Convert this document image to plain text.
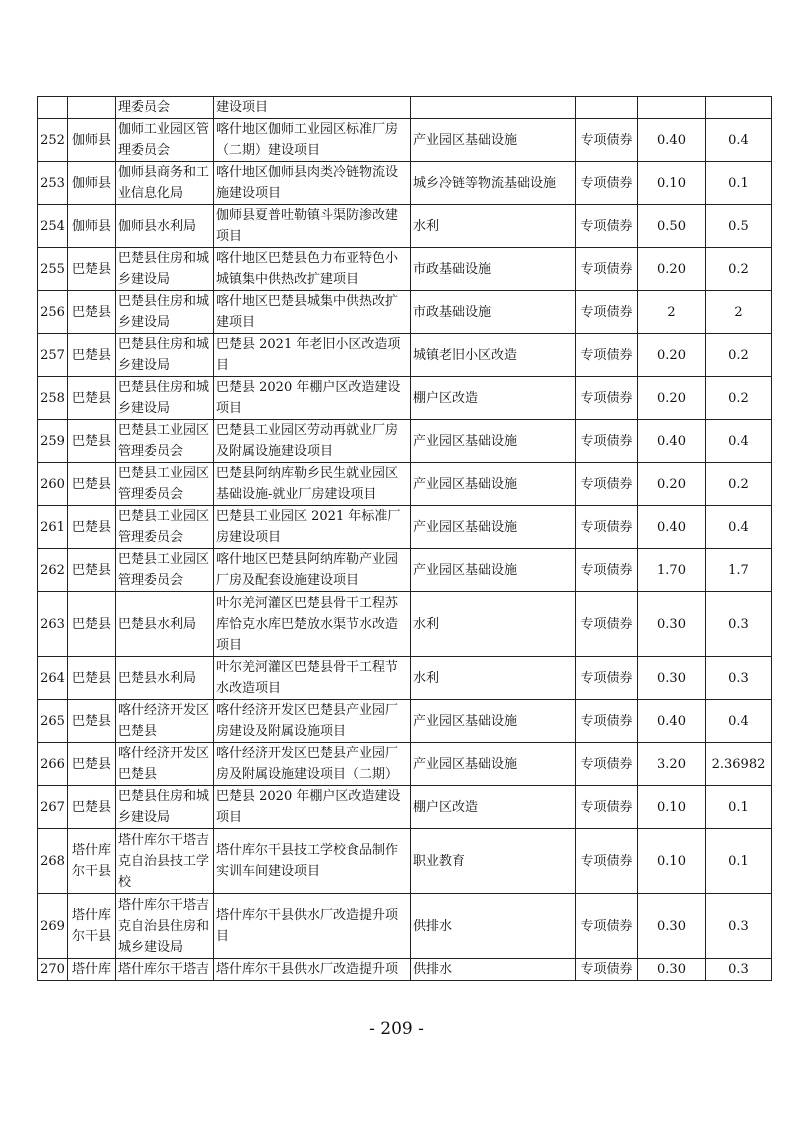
		理委员会	建设项目				
252	伽师县	伽师工业园区管理委员会	喀什地区伽师工业园区标准厂房（二期）建设项目	产业园区基础设施	专项债券	0.40	0.4
253	伽师县	伽师县商务和工业信息化局	喀什地区伽师县肉类冷链物流设施建设项目	城乡冷链等物流基础设施	专项债券	0.10	0.1
254	伽师县	伽师县水利局	伽师县夏普吐勒镇斗渠防渗改建项目	水利	专项债券	0.50	0.5
255	巴楚县	巴楚县住房和城乡建设局	喀什地区巴楚县色力布亚特色小城镇集中供热改扩建项目	市政基础设施	专项债券	0.20	0.2
256	巴楚县	巴楚县住房和城乡建设局	喀什地区巴楚县城集中供热改扩建项目	市政基础设施	专项债券	2	2
257	巴楚县	巴楚县住房和城乡建设局	巴楚县 2021 年老旧小区改造项目	城镇老旧小区改造	专项债券	0.20	0.2
258	巴楚县	巴楚县住房和城乡建设局	巴楚县 2020 年棚户区改造建设项目	棚户区改造	专项债券	0.20	0.2
259	巴楚县	巴楚县工业园区管理委员会	巴楚县工业园区劳动再就业厂房及附属设施建设项目	产业园区基础设施	专项债券	0.40	0.4
260	巴楚县	巴楚县工业园区管理委员会	巴楚县阿纳库勒乡民生就业园区基础设施-就业厂房建设项目	产业园区基础设施	专项债券	0.20	0.2
261	巴楚县	巴楚县工业园区管理委员会	巴楚县工业园区 2021 年标准厂房建设项目	产业园区基础设施	专项债券	0.40	0.4
262	巴楚县	巴楚县工业园区管理委员会	喀什地区巴楚县阿纳库勒产业园厂房及配套设施建设项目	产业园区基础设施	专项债券	1.70	1.7
263	巴楚县	巴楚县水利局	叶尔羌河灌区巴楚县骨干工程苏库恰克水库巴楚放水渠节水改造项目	水利	专项债券	0.30	0.3
264	巴楚县	巴楚县水利局	叶尔羌河灌区巴楚县骨干工程节水改造项目	水利	专项债券	0.30	0.3
265	巴楚县	喀什经济开发区巴楚县	喀什经济开发区巴楚县产业园厂房建设及附属设施项目	产业园区基础设施	专项债券	0.40	0.4
266	巴楚县	喀什经济开发区巴楚县	喀什经济开发区巴楚县产业园厂房及附属设施建设项目（二期）	产业园区基础设施	专项债券	3.20	2.36982
267	巴楚县	巴楚县住房和城乡建设局	巴楚县 2020 年棚户区改造建设项目	棚户区改造	专项债券	0.10	0.1
268	塔什库尔干县	塔什库尔干塔吉克自治县技工学校	塔什库尔干县技工学校食品制作实训车间建设项目	职业教育	专项债券	0.10	0.1
269	塔什库尔干县	塔什库尔干塔吉克自治县住房和城乡建设局	塔什库尔干县供水厂改造提升项目	供排水	专项债券	0.30	0.3
270	塔什库	塔什库尔干塔吉	塔什库尔干县供水厂改造提升项	供排水	专项债券	0.30	0.3
- 209 -
